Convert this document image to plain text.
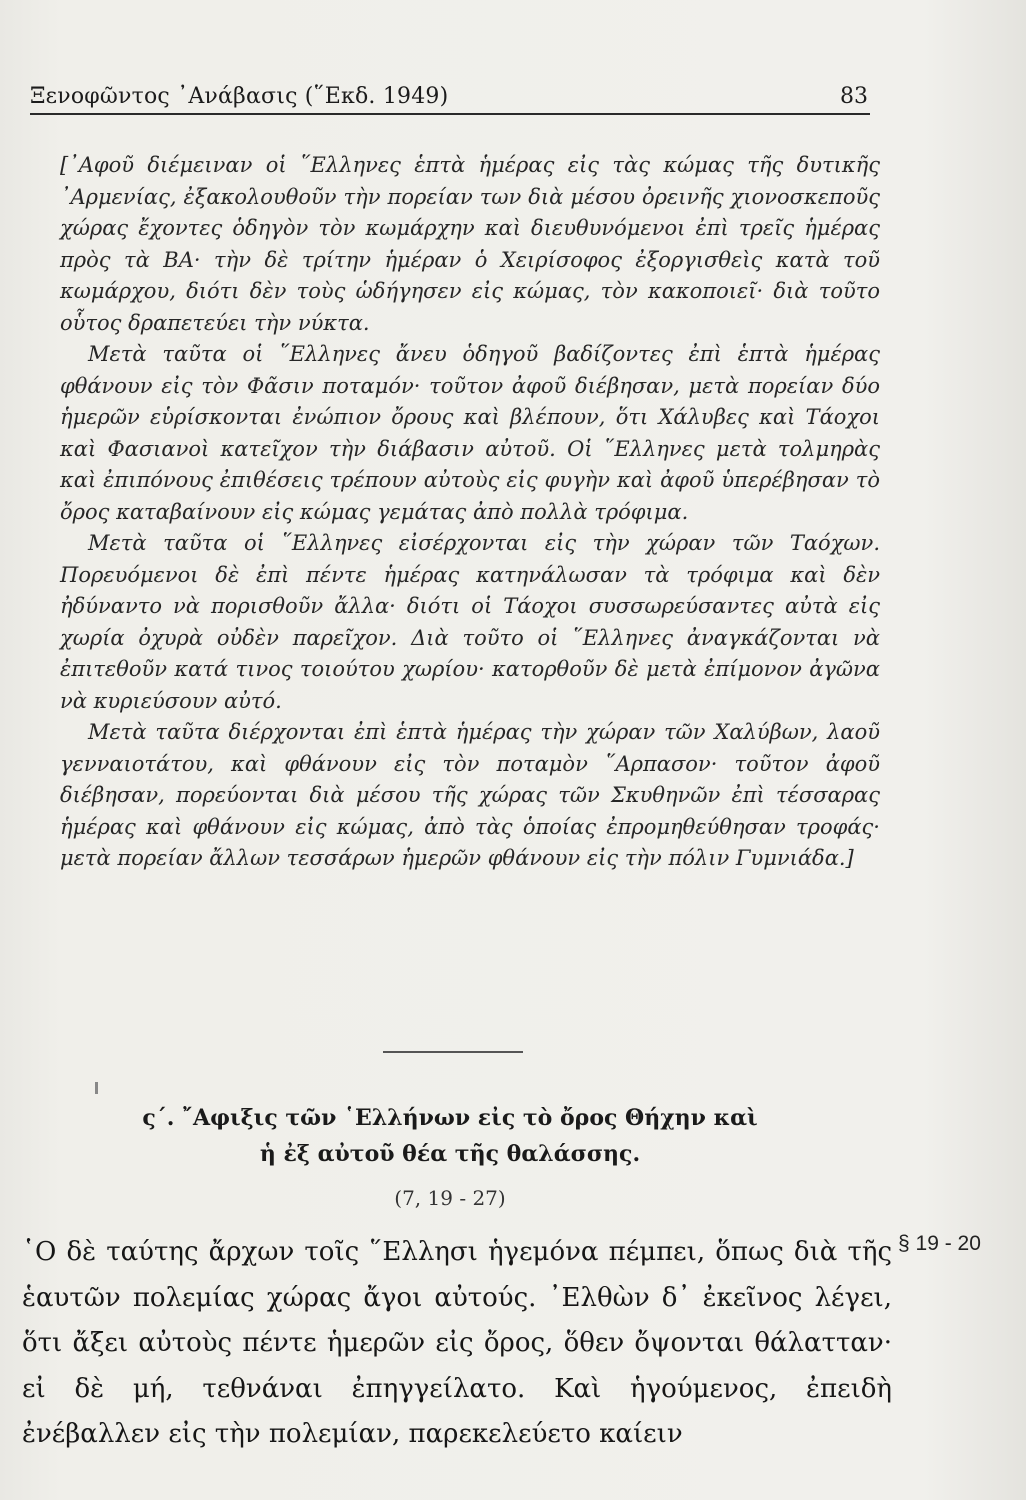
Ξενοφῶντος ᾿Ανάβασις (῞Εκδ. 1949)	83

[᾿Αφοῦ διέμειναν οἱ ῞Ελληνες ἑπτὰ ἡμέρας εἰς τὰς κώμας τῆς δυτικῆς ᾿Αρμενίας, ἐξακολουθοῦν τὴν πορείαν των διὰ μέσου ὀρεινῆς χιονοσκεποῦς χώρας ἔχοντες ὁδηγὸν τὸν κωμάρχην καὶ διευθυνόμενοι ἐπὶ τρεῖς ἡμέρας πρὸς τὰ ΒΑ· τὴν δὲ τρίτην ἡμέραν ὁ Χειρίσοφος ἐξοργισθεὶς κατὰ τοῦ κωμάρχου, διότι δὲν τοὺς ὡδήγησεν εἰς κώμας, τὸν κακοποιεῖ· διὰ τοῦτο οὗτος δραπετεύει τὴν νύκτα.

Μετὰ ταῦτα οἱ ῞Ελληνες ἄνευ ὁδηγοῦ βαδίζοντες ἐπὶ ἑπτὰ ἡμέρας φθάνουν εἰς τὸν Φᾶσιν ποταμόν· τοῦτον ἀφοῦ διέβησαν, μετὰ πορείαν δύο ἡμερῶν εὑρίσκονται ἐνώπιον ὄρους καὶ βλέπουν, ὅτι Χάλυβες καὶ Τάοχοι καὶ Φασιανοὶ κατεῖχον τὴν διάβασιν αὐτοῦ. Οἱ ῞Ελληνες μετὰ τολμηρὰς καὶ ἐπιπόνους ἐπιθέσεις τρέπουν αὐτοὺς εἰς φυγὴν καὶ ἀφοῦ ὑπερέβησαν τὸ ὄρος καταβαίνουν εἰς κώμας γεμάτας ἀπὸ πολλὰ τρόφιμα.

Μετὰ ταῦτα οἱ ῞Ελληνες εἰσέρχονται εἰς τὴν χώραν τῶν Ταόχων. Πορευόμενοι δὲ ἐπὶ πέντε ἡμέρας κατηνάλωσαν τὰ τρόφιμα καὶ δὲν ἠδύναντο νὰ πορισθοῦν ἄλλα· διότι οἱ Τάοχοι συσσωρεύσαντες αὐτὰ εἰς χωρία ὀχυρὰ οὐδὲν παρεῖχον. Διὰ τοῦτο οἱ ῞Ελληνες ἀναγκάζονται νὰ ἐπιτεθοῦν κατά τινος τοιούτου χωρίου· κατορθοῦν δὲ μετὰ ἐπίμονον ἀγῶνα νὰ κυριεύσουν αὐτό.

Μετὰ ταῦτα διέρχονται ἐπὶ ἑπτὰ ἡμέρας τὴν χώραν τῶν Χαλύβων, λαοῦ γενναιοτάτου, καὶ φθάνουν εἰς τὸν ποταμὸν ῞Αρπασον· τοῦτον ἀφοῦ διέβησαν, πορεύονται διὰ μέσου τῆς χώρας τῶν Σκυθηνῶν ἐπὶ τέσσαρας ἡμέρας καὶ φθάνουν εἰς κώμας, ἀπὸ τὰς ὁποίας ἐπρομηθεύθησαν τροφάς· μετὰ πορείαν ἄλλων τεσσάρων ἡμερῶν φθάνουν εἰς τὴν πόλιν Γυμνιάδα.]

ς΄. ῎Αφιξις τῶν ῾Ελλήνων εἰς τὸ ὄρος Θήχην καὶ
ἡ ἐξ αὐτοῦ θέα τῆς θαλάσσης.
(7, 19 - 27)

῾Ο δὲ ταύτης ἄρχων τοῖς ῞Ελλησι ἡγεμόνα πέμπει, ὅπως διὰ τῆς ἑαυτῶν πολεμίας χώρας ἄγοι αὐτούς. ᾿Ελθὼν δ᾿ ἐκεῖνος λέγει, ὅτι ἄξει αὐτοὺς πέντε ἡμερῶν εἰς ὄρος, ὅθεν ὄψονται θάλατταν· εἰ δὲ μή, τεθνάναι ἐπηγγείλατο. Καὶ ἡγούμενος, ἐπειδὴ ἐνέβαλλεν εἰς τὴν πολεμίαν, παρεκελεύετο καίειν

§ 19 - 20
